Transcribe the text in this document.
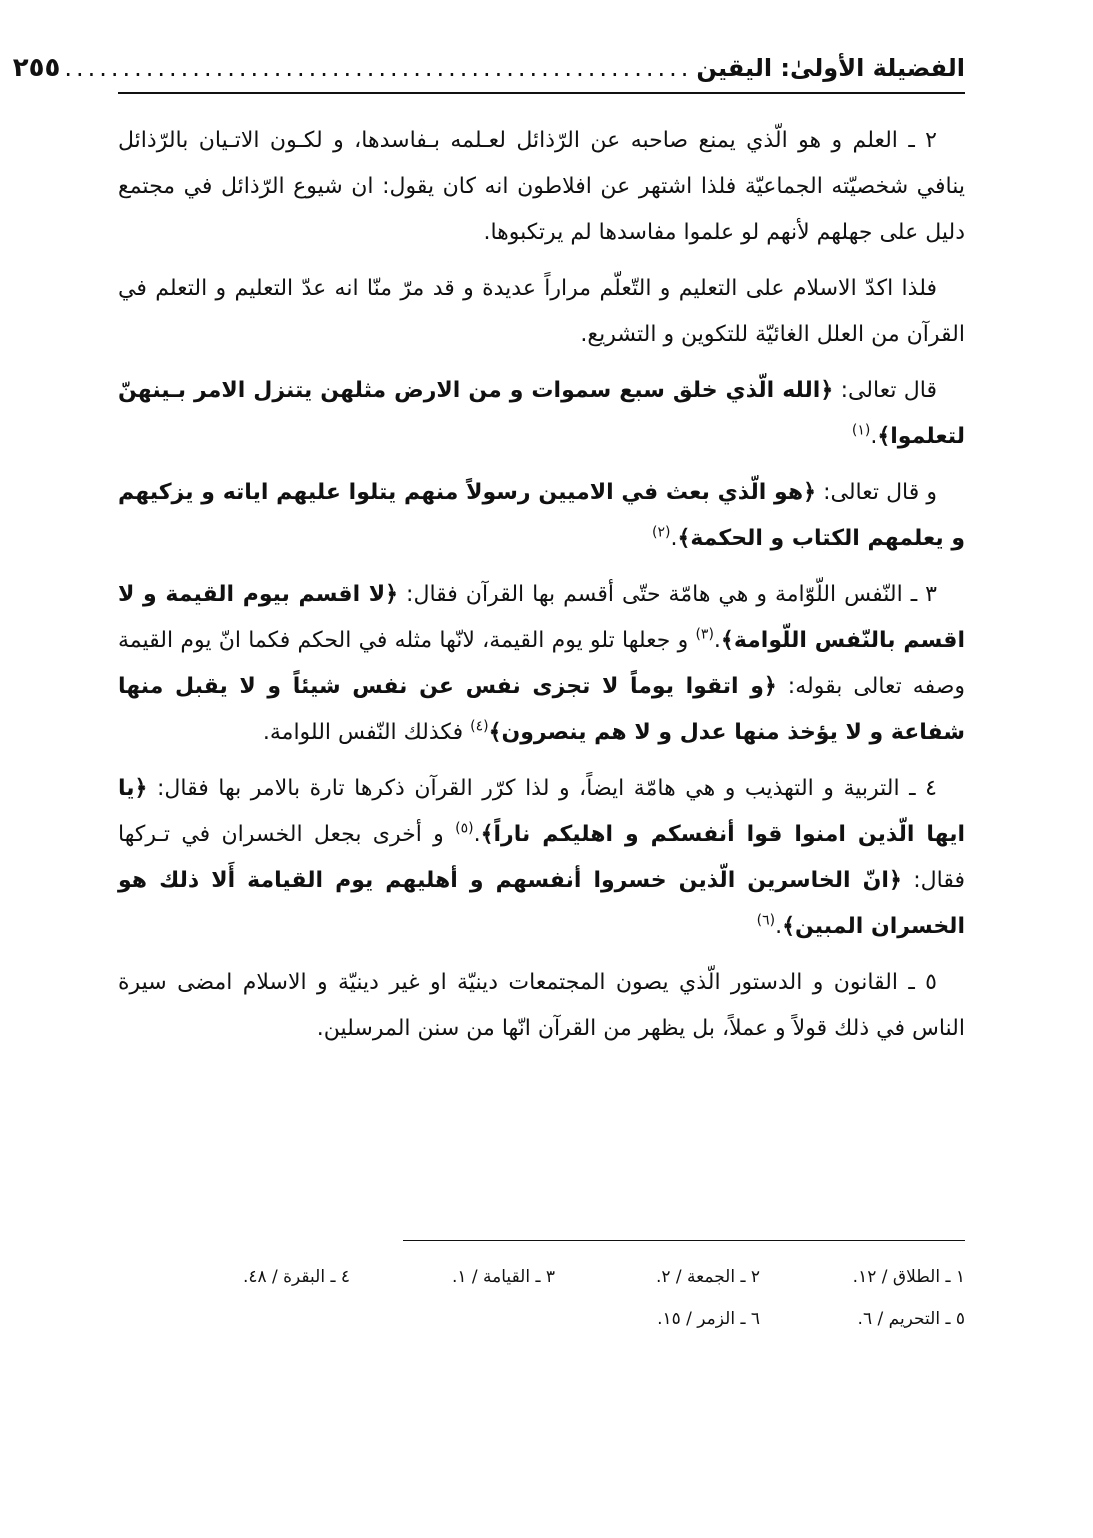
الفضيلة الأولىٰ: اليقين
......................................................
٢٥٥

٢ ـ العلم و هو الّذي يمنع صاحبه عن الرّذائل لعـلمه بـفاسدها، و لكـون الاتـيان بالرّذائل ينافي شخصيّته الجماعيّة فلذا اشتهر عن افلاطون انه كان يقول: ان شيوع الرّذائل في مجتمع دليل على جهلهم لأنهم لو علموا مفاسدها لم يرتكبوها.

فلذا اكدّ الاسلام على التعليم و التّعلّم مراراً عديدة و قد مرّ منّا انه عدّ التعليم و التعلم في القرآن من العلل الغائيّة للتكوين و التشريع.

قال تعالى: ﴿الله الّذي خلق سبع سموات و من الارض مثلهن يتنزل الامر بـينهنّ لتعلموا﴾.$^{(١)}$

و قال تعالى: ﴿هو الّذي بعث في الاميين رسولاً منهم يتلوا عليهم اياته و يزكيهم و يعلمهم الكتاب و الحكمة﴾.$^{(٢)}$

٣ ـ النّفس اللّوّامة و هي هامّة حتّى أقسم بها القرآن فقال: ﴿لا اقسم بيوم القيمة و لا اقسم بالنّفس اللّوامة﴾.$^{(٣)}$ و جعلها تلو يوم القيمة، لانّها مثله في الحكم فكما انّ يوم القيمة وصفه تعالى بقوله: ﴿و اتقوا يوماً لا تجزى نفس عن نفس شيئاً و لا يقبل منها شفاعة و لا يؤخذ منها عدل و لا هم ينصرون﴾$^{(٤)}$ فكذلك النّفس اللوامة.

٤ ـ التربية و التهذيب و هي هامّة ايضاً، و لذا كرّر القرآن ذكرها تارة بالامر بها فقال: ﴿يا ايها الّذين امنوا قوا أنفسكم و اهليكم ناراً﴾.$^{(٥)}$ و أخرى بجعل الخسران في تـركها فقال: ﴿انّ الخاسرين الّذين خسروا أنفسهم و أهليهم يوم القيامة أَلا ذلك هو الخسران المبين﴾.$^{(٦)}$

٥ ـ القانون و الدستور الّذي يصون المجتمعات دينيّة او غير دينيّة و الاسلام امضى سيرة الناس في ذلك قولاً و عملاً، بل يظهر من القرآن انّها من سنن المرسلين.

١ ـ الطلاق / ١٢.
٢ ـ الجمعة / ٢.
٣ ـ القيامة / ١.
٤ ـ البقرة / ٤٨.
٥ ـ التحريم / ٦.
٦ ـ الزمر / ١٥.
